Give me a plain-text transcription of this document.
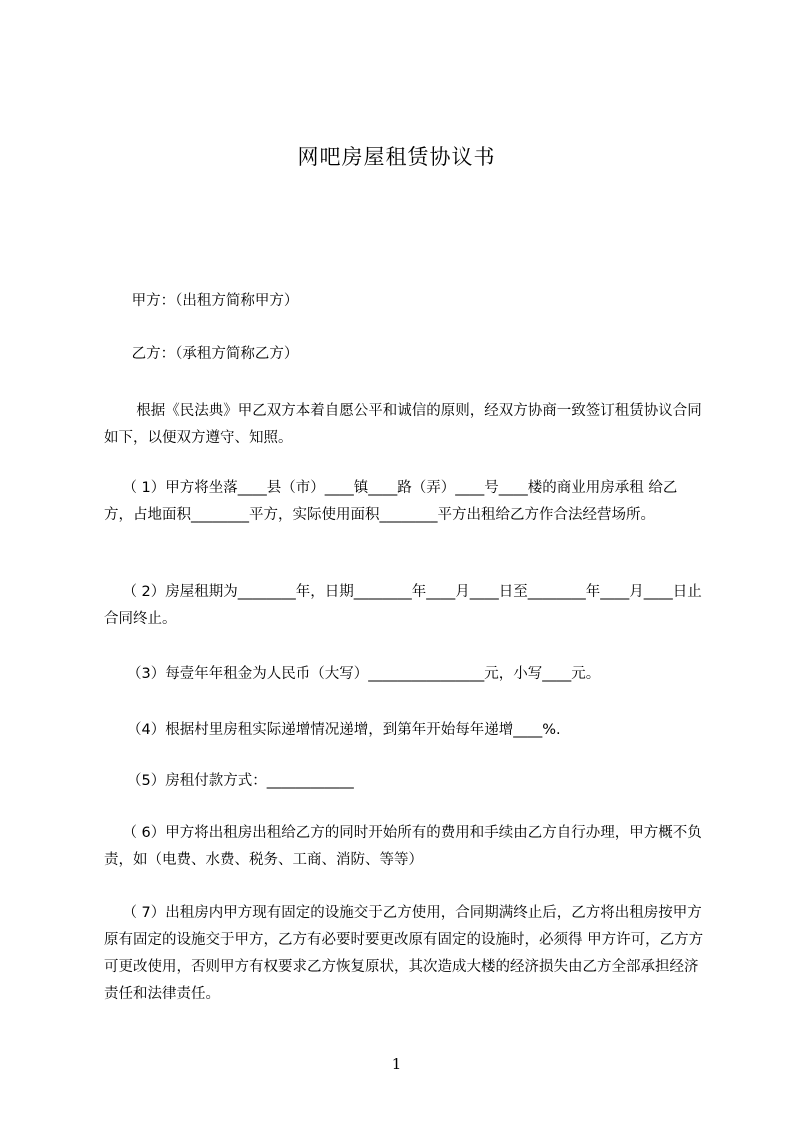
网吧房屋租赁协议书
甲方：（出租方简称甲方）
乙方：（承租方简称乙方）
根据《民法典》甲乙双方本着自愿公平和诚信的原则，经双方协商一致签订租赁协议合同如下，以便双方遵守、知照。
（ 1）甲方将坐落____县（市）____镇____路（弄）____号____楼的商业用房承租 给乙方，占地面积________平方，实际使用面积________平方出租给乙方作合法经营场所。
（ 2）房屋租期为________年，日期________年____月____日至________年____月____日止合同终止。
（3）每壹年年租金为人民币（大写）________________元，小写____元。
（4）根据村里房租实际递增情况递增，到第年开始每年递增____%.
（5）房租付款方式：____________
（ 6）甲方将出租房出租给乙方的同时开始所有的费用和手续由乙方自行办理，甲方概不负责，如（电费、水费、税务、工商、消防、等等）
（ 7）出租房内甲方现有固定的设施交于乙方使用，合同期满终止后，乙方将出租房按甲方原有固定的设施交于甲方，乙方有必要时要更改原有固定的设施时，必须得 甲方许可，乙方方可更改使用，否则甲方有权要求乙方恢复原状，其次造成大楼的经济损失由乙方全部承担经济责任和法律责任。
1
